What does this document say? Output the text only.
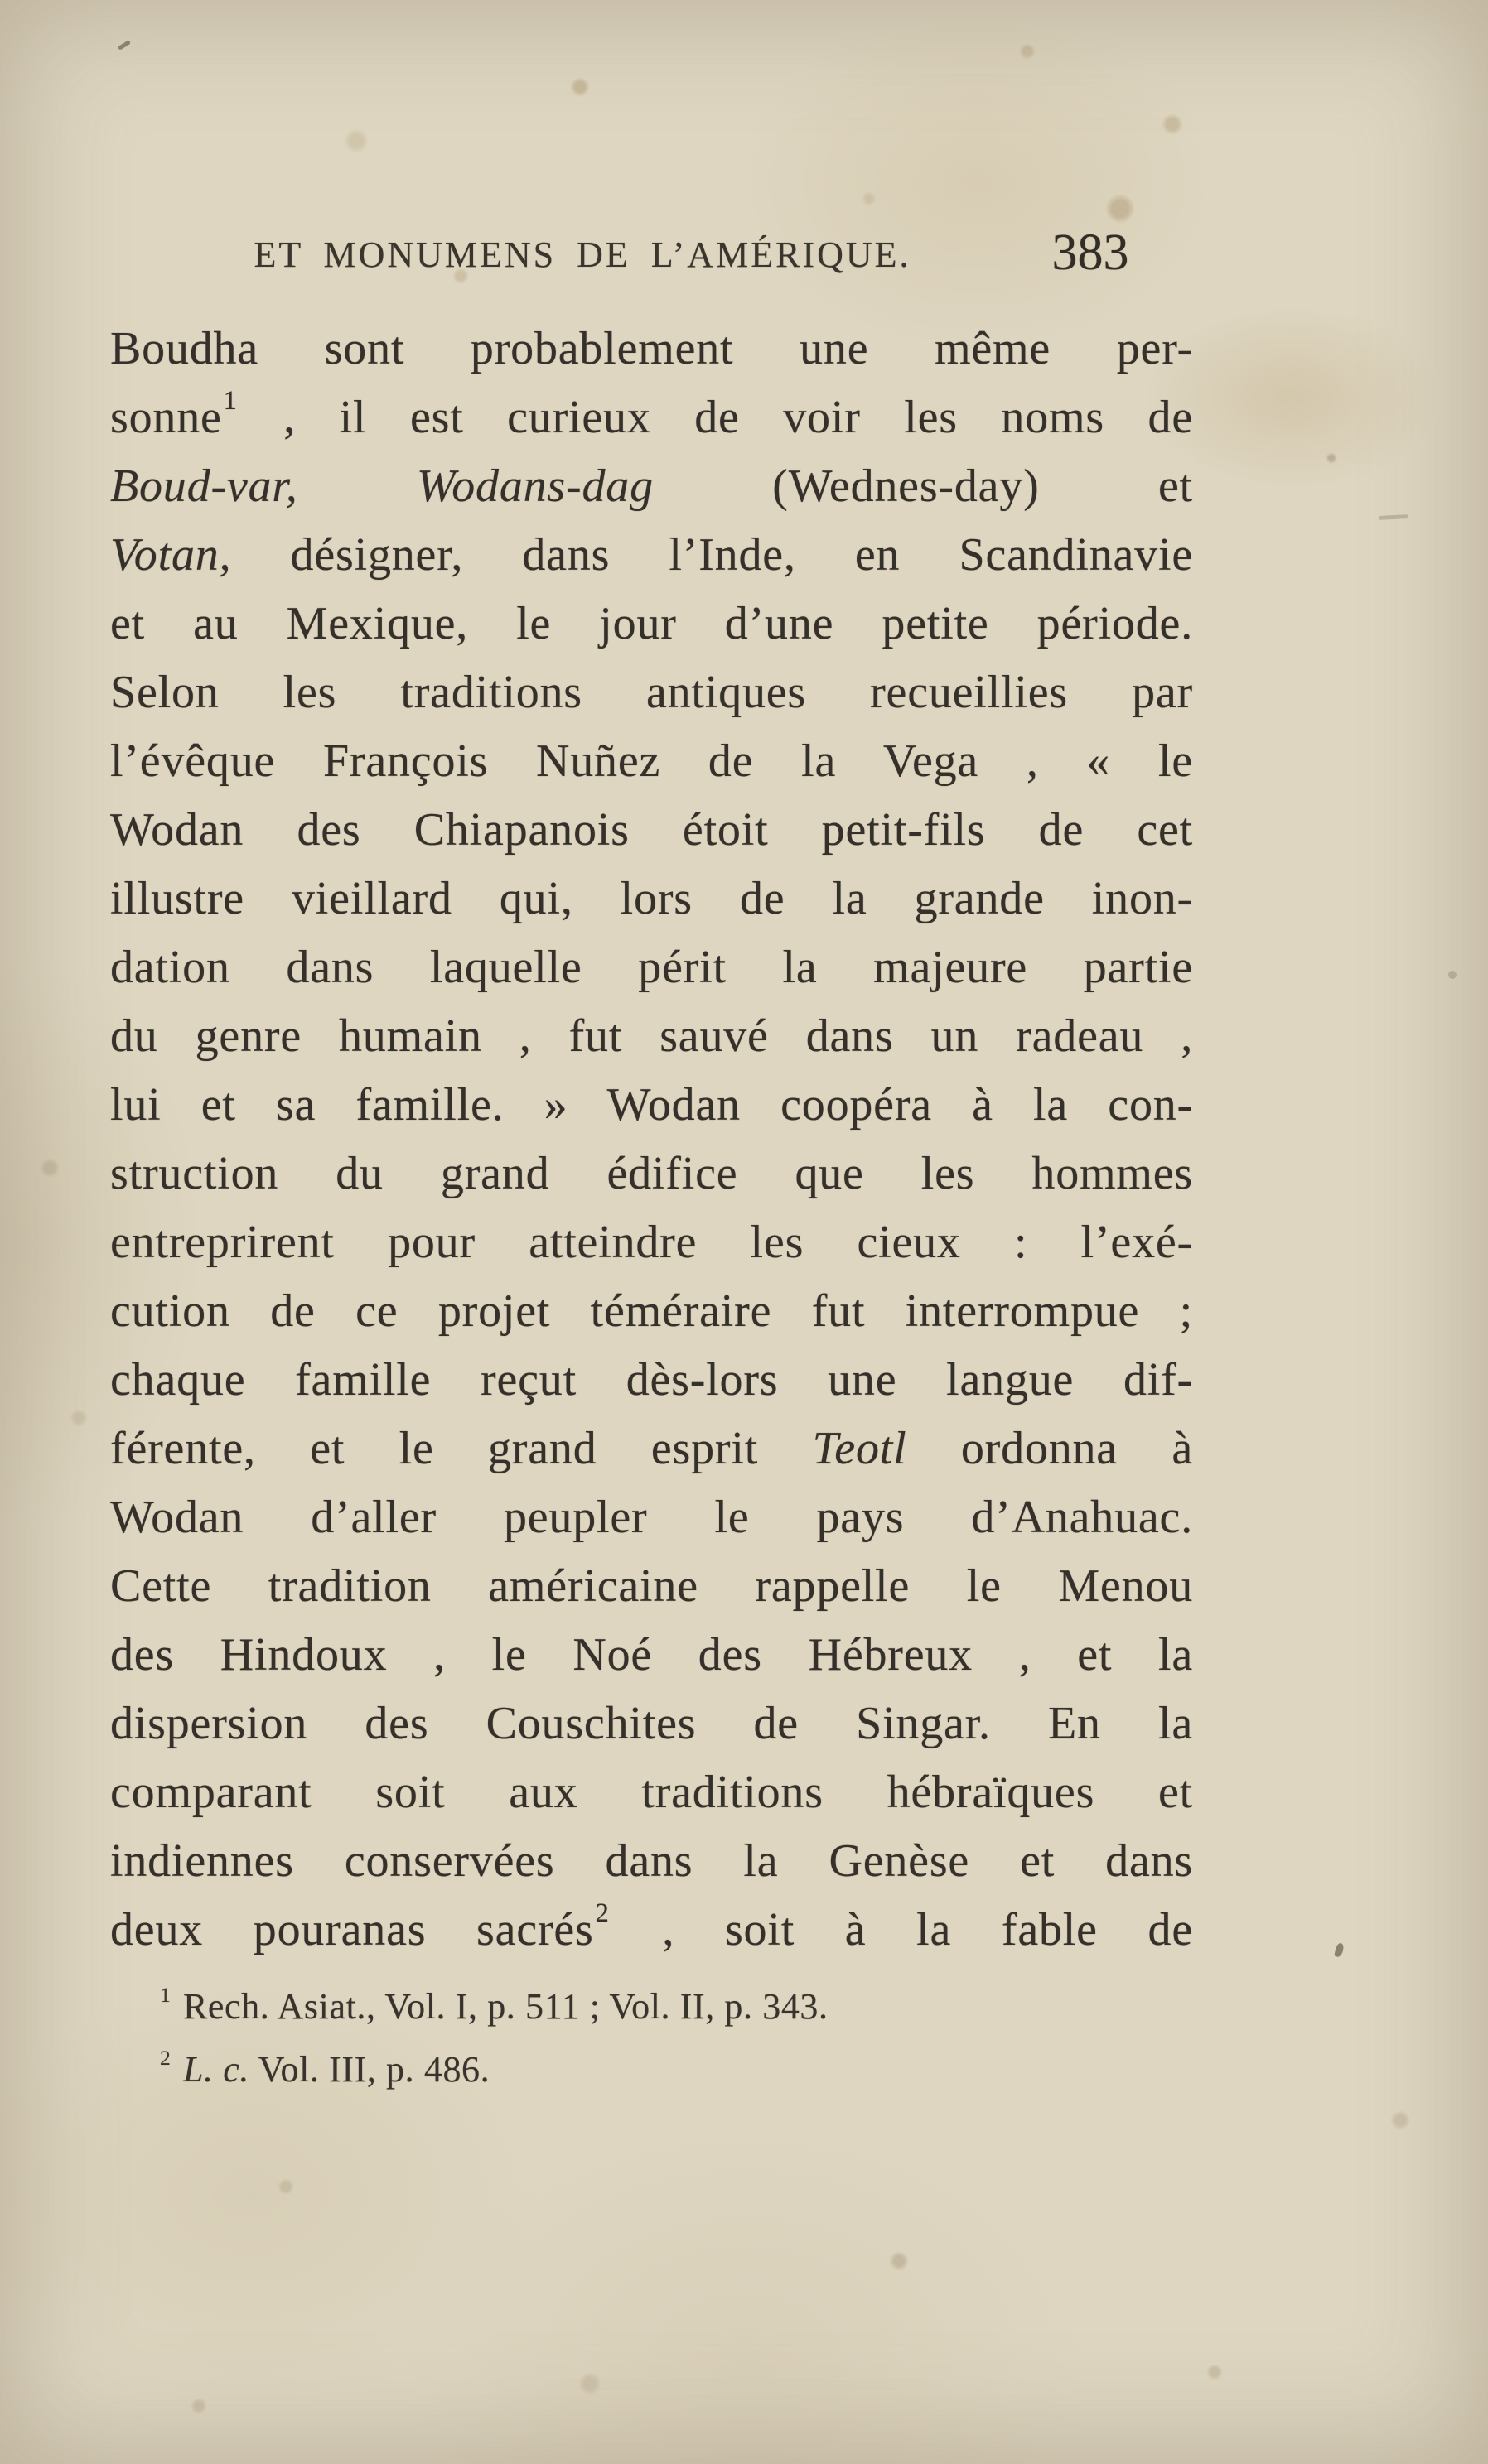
ET MONUMENS DE L’AMÉRIQUE.	383
Boudha sont probablement une même per-
sonne$^1$ , il est curieux de voir les noms de
Boud-var, Wodans-dag (Wednes-day) et
Votan, désigner, dans l’Inde, en Scandinavie
et au Mexique, le jour d’une petite période.
Selon les traditions antiques recueillies par
l’évêque François Nuñez de la Vega , « le
Wodan des Chiapanois étoit petit-fils de cet
illustre vieillard qui, lors de la grande inon-
dation dans laquelle périt la majeure partie
du genre humain , fut sauvé dans un radeau ,
lui et sa famille. » Wodan coopéra à la con-
struction du grand édifice que les hommes
entreprirent pour atteindre les cieux : l’exé-
cution de ce projet téméraire fut interrompue ;
chaque famille reçut dès-lors une langue dif-
férente, et le grand esprit Teotl ordonna à
Wodan d’aller peupler le pays d’Anahuac.
Cette tradition américaine rappelle le Menou
des Hindoux , le Noé des Hébreux , et la
dispersion des Couschites de Singar. En la
comparant soit aux traditions hébraïques et
indiennes conservées dans la Genèse et dans
deux pouranas sacrés$^2$ , soit à la fable de
$^1$ Rech. Asiat., Vol. I, p. 511 ; Vol. II, p. 343.
$^2$ L. c. Vol. III, p. 486.
